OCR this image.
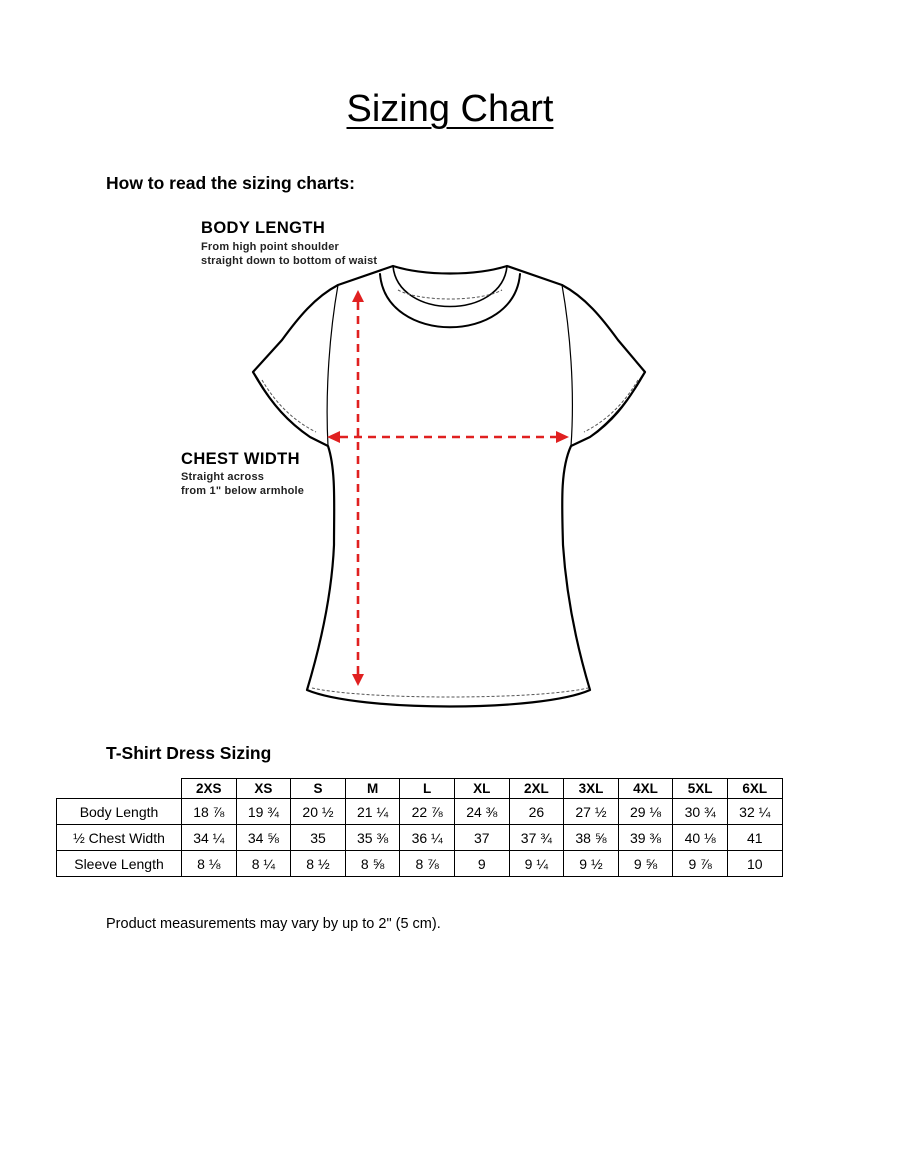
Sizing Chart
How to read the sizing charts:
BODY LENGTH
From high point shoulder
straight down to bottom of waist
CHEST WIDTH
Straight across
from 1" below armhole
T-Shirt Dress Sizing
	2XS	XS	S	M	L	XL	2XL	3XL	4XL	5XL	6XL
Body Length	18 ⅞	19 ¾	20 ½	21 ¼	22 ⅞	24 ⅜	26	27 ½	29 ⅛	30 ¾	32 ¼
½ Chest Width	34 ¼	34 ⅝	35	35 ⅜	36 ¼	37	37 ¾	38 ⅝	39 ⅜	40 ⅛	41
Sleeve Length	8 ⅛	8 ¼	8 ½	8 ⅝	8 ⅞	9	9 ¼	9 ½	9 ⅝	9 ⅞	10
Product measurements may vary by up to 2" (5 cm).
